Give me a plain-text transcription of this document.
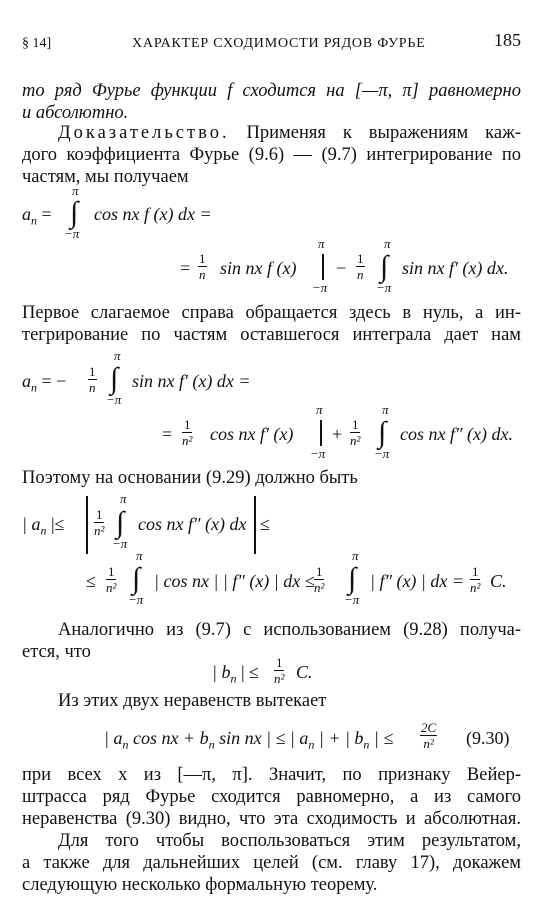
§ 14]	ХАРАКТЕР СХОДИМОСТИ РЯДОВ ФУРЬЕ	185
то ряд Фурье функции f сходится на [—π, π] равномерно
и абсолютно.
Доказательство. Применяя к выражениям каж-
дого коэффициента Фурье (9.6) — (9.7) интегрирование по
частям, мы получаем
$a_n$ =
π
∫
−π
cos nx f (x) dx =
= $\frac{1}{n}$ sin nx f (x)
π
−π
− $\frac{1}{n}$
π
∫
−π
sin nx f′ (x) dx.
Первое слагаемое справа обращается здесь в нуль, а ин-
тегрирование по частям оставшегося интеграла дает нам
$a_n$ = − $\frac{1}{n}$
π
∫
−π
sin nx f′ (x) dx =
= $\frac{1}{\text{n²}}$ cos nx f′ (x)
π
−π
+ $\frac{1}{\text{n²}}$
π
∫
−π
cos nx f″ (x) dx.
Поэтому на основании (9.29) должно быть
| $a_n$ |≤ $\frac{1}{\text{n²}}$
π
∫
−π
cos nx f″ (x) dx ≤
≤ $\frac{1}{\text{n²}}$
π
∫
−π
| cos nx | | f″ (x) | dx ≤ $\frac{1}{\text{n²}}$
π
∫
−π
| f″ (x) | dx = $\frac{1}{\text{n²}} C$.
Аналогично из (9.7) с использованием (9.28) получа-
ется, что
| $b_n$ | ≤ $\frac{1}{\text{n²}} C$.
Из этих двух неравенств вытекает
| $a_n$ cos nx + $b_n$ sin nx | ≤ | $a_n$ | + | $b_n$ | ≤ $\frac{2C}{\text{n²}} (9.30)$
при всех x из [—π, π]. Значит, по признаку Вейер-
штрасса ряд Фурье сходится равномерно, а из самого
неравенства (9.30) видно, что эта сходимость и абсолютная.
Для того чтобы воспользоваться этим результатом,
а также для дальнейших целей (см. главу 17), докажем
следующую несколько формальную теорему.
